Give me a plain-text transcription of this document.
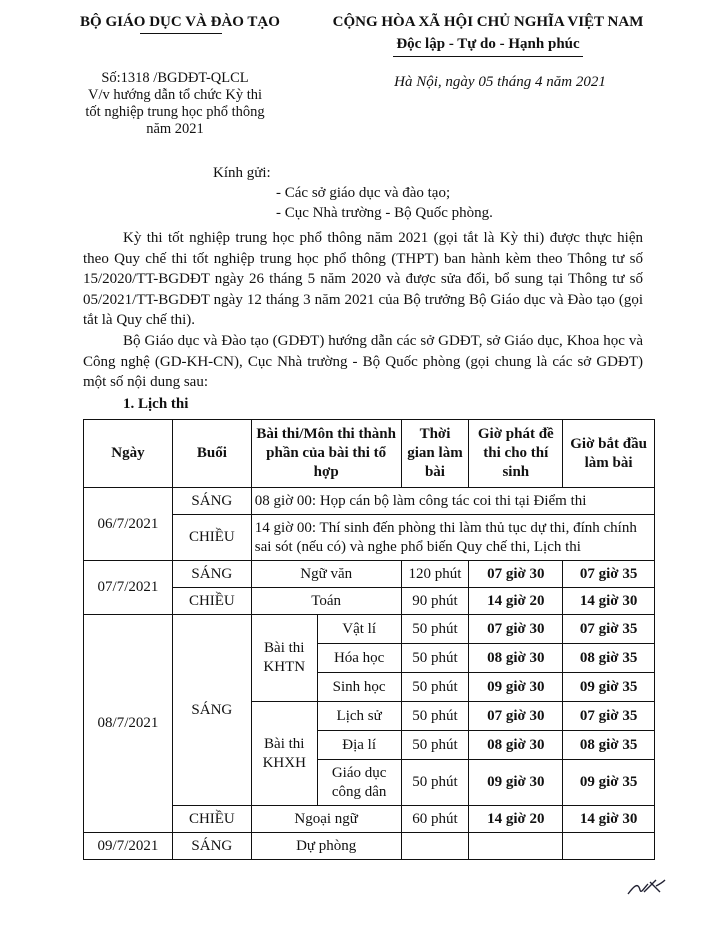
BỘ GIÁO DỤC VÀ ĐÀO TẠO	CỘNG HÒA XÃ HỘI CHỦ NGHĨA VIỆT NAM
Độc lập - Tự do - Hạnh phúc
Số:1318 /BGDĐT-QLCL
V/v hướng dẫn tổ chức Kỳ thi
tốt nghiệp trung học phổ thông
năm 2021
Hà Nội, ngày 05 tháng 4 năm 2021
Kính gửi:
- Các sở giáo dục và đào tạo;
- Cục Nhà trường - Bộ Quốc phòng.
Kỳ thi tốt nghiệp trung học phổ thông năm 2021 (gọi tắt là Kỳ thi) được thực hiện theo Quy chế thi tốt nghiệp trung học phổ thông (THPT) ban hành kèm theo Thông tư số 15/2020/TT-BGDĐT ngày 26 tháng 5 năm 2020 và được sửa đổi, bổ sung tại Thông tư số 05/2021/TT-BGDĐT ngày 12 tháng 3 năm 2021 của Bộ trưởng Bộ Giáo dục và Đào tạo (gọi tắt là Quy chế thi).
Bộ Giáo dục và Đào tạo (GDĐT) hướng dẫn các sở GDĐT, sở Giáo dục, Khoa học và Công nghệ (GD-KH-CN), Cục Nhà trường - Bộ Quốc phòng (gọi chung là các sở GDĐT) một số nội dung sau:
1. Lịch thi
Ngày	Buổi	Bài thi/Môn thi thành phần của bài thi tổ hợp		Thời gian làm bài	Giờ phát đề thi cho thí sinh	Giờ bắt đầu làm bài
06/7/2021	SÁNG	08 giờ 00: Họp cán bộ làm công tác coi thi tại Điểm thi				
	CHIỀU	14 giờ 00: Thí sinh đến phòng thi làm thủ tục dự thi, đính chính sai sót (nếu có) và nghe phổ biến Quy chế thi, Lịch thi				
07/7/2021	SÁNG	Ngữ văn		120 phút	07 giờ 30	07 giờ 35
	CHIỀU	Toán		90 phút	14 giờ 20	14 giờ 30
08/7/2021	SÁNG	Bài thi KHTN	Vật lí	50 phút	07 giờ 30	07 giờ 35
			Hóa học	50 phút	08 giờ 30	08 giờ 35
			Sinh học	50 phút	09 giờ 30	09 giờ 35
		Bài thi KHXH	Lịch sử	50 phút	07 giờ 30	07 giờ 35
			Địa lí	50 phút	08 giờ 30	08 giờ 35
			Giáo dục công dân	50 phút	09 giờ 30	09 giờ 35
	CHIỀU	Ngoại ngữ		60 phút	14 giờ 20	14 giờ 30
09/7/2021	SÁNG	Dự phòng				
